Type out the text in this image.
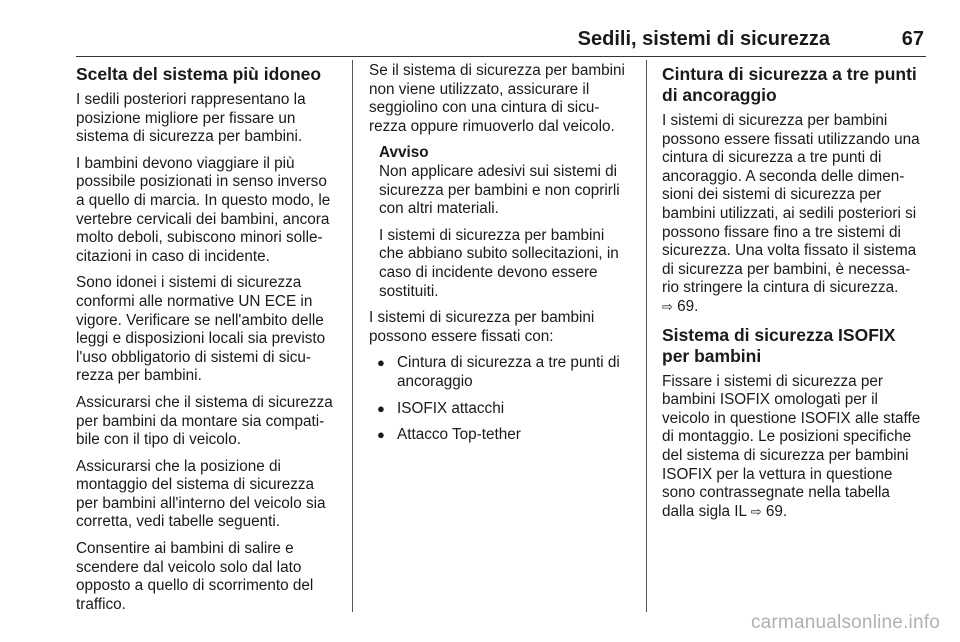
Sedili, sistemi di sicurezza	67
Scelta del sistema più idoneo

I sedili posteriori rappresentano la posizione migliore per fissare un sistema di sicurezza per bambini.

I bambini devono viaggiare il più possibile posizionati in senso inverso a quello di marcia. In questo modo, le vertebre cervicali dei bambini, ancora molto deboli, subiscono minori solle-citazioni in caso di incidente.

Sono idonei i sistemi di sicurezza conformi alle normative UN ECE in vigore. Verificare se nell'ambito delle leggi e disposizioni locali sia previsto l'uso obbligatorio di sistemi di sicu-rezza per bambini.

Assicurarsi che il sistema di sicurezza per bambini da montare sia compati-bile con il tipo di veicolo.

Assicurarsi che la posizione di montaggio del sistema di sicurezza per bambini all'interno del veicolo sia corretta, vedi tabelle seguenti.

Consentire ai bambini di salire e scendere dal veicolo solo dal lato opposto a quello di scorrimento del traffico.

Se il sistema di sicurezza per bambini non viene utilizzato, assicurare il seggiolino con una cintura di sicu-rezza oppure rimuoverlo dal veicolo.

Avviso

Non applicare adesivi sui sistemi di sicurezza per bambini e non coprirli con altri materiali.

I sistemi di sicurezza per bambini che abbiano subito sollecitazioni, in caso di incidente devono essere sostituiti.

I sistemi di sicurezza per bambini possono essere fissati con:

● Cintura di sicurezza a tre punti di ancoraggio
● ISOFIX attacchi
● Attacco Top-tether
Cintura di sicurezza a tre punti di ancoraggio

I sistemi di sicurezza per bambini possono essere fissati utilizzando una cintura di sicurezza a tre punti di ancoraggio. A seconda delle dimen-sioni dei sistemi di sicurezza per bambini utilizzati, ai sedili posteriori si possono fissare fino a tre sistemi di sicurezza. Una volta fissato il sistema di sicurezza per bambini, è necessa-rio stringere la cintura di sicurezza.
⇨ 69.

Sistema di sicurezza ISOFIX per bambini

Fissare i sistemi di sicurezza per bambini ISOFIX omologati per il veicolo in questione ISOFIX alle staffe di montaggio. Le posizioni specifiche del sistema di sicurezza per bambini ISOFIX per la vettura in questione sono contrassegnate nella tabella dalla sigla IL ⇨ 69.

carmanualsonline.info
